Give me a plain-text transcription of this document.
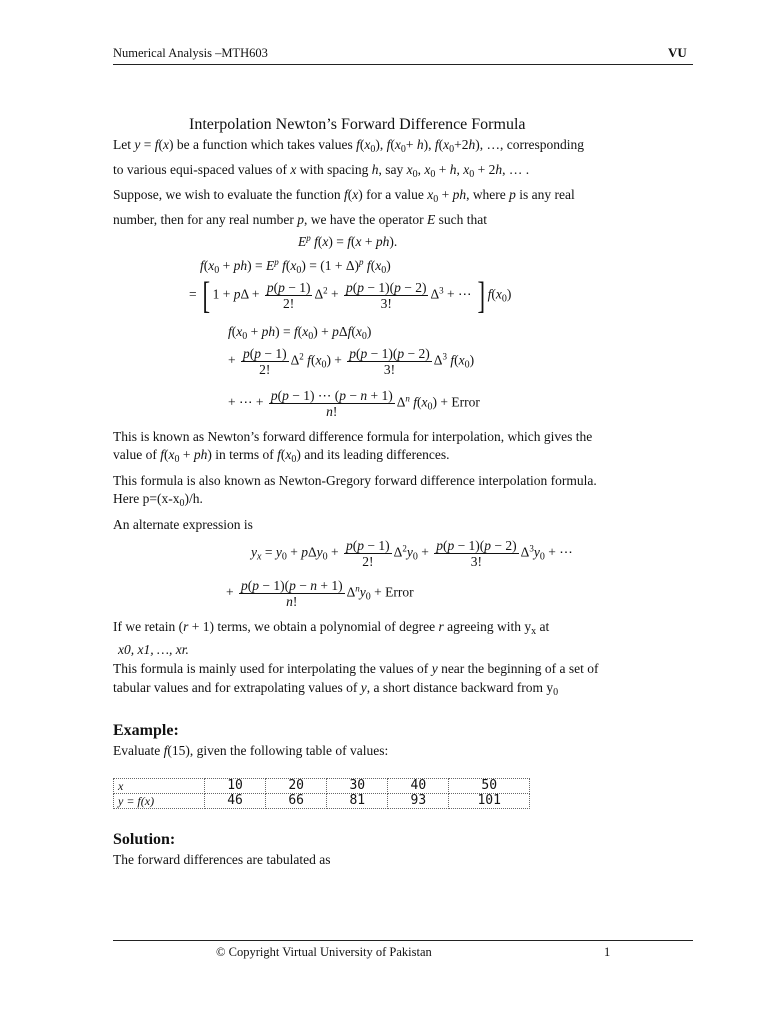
Numerical Analysis –MTH603	VU
Interpolation Newton’s Forward Difference Formula
Let y = f(x) be a function which takes values $f(x_0)$, $f(x_0+ h)$, $f(x_0+2h)$, …, corresponding
to various equi-spaced values of x with spacing h, say $x_0$, $x_0 + h$, $x_0 + 2h$, … .
Suppose, we wish to evaluate the function f(x) for a value $x_0$ + ph, where p is any real
number, then for any real number p, we have the operator E such that
$E^p$ f(x) = f(x + ph).
$f(x_0 + ph) = E^p$ $f(x_0) = (1 + \Delta)^p$ $f(x_0)$
= [ $1 + p\Delta + \frac{p(p - 1)}{2!} \Delta^2 + \frac{p(p - 1)(p - 2)}{3!} \Delta^3$ + ⋯ ] $f(x_0)$
$f(x_0 + ph) = f(x_0) + p\Delta f(x_0)$
+ $\frac{p(p - 1)}{2!} \Delta^2$ $f(x_0) + \frac{p(p - 1)(p - 2)}{3!} \Delta^3$ $f(x_0)$
+ ⋯ + $\frac{p(p - 1) \cdots (p - n + 1)}{n!} \Delta^n$ $f(x_0)$ + Error
This is known as Newton’s forward difference formula for interpolation, which gives the
value of $f(x_0 + ph)$ in terms of $f(x_0)$ and its leading differences.
This formula is also known as Newton-Gregory forward difference interpolation formula.
Here $p=(x-x_0)/h$.
An alternate expression is
$y_x = y_0 + p\Delta y_0 + \frac{p(p - 1)}{2!} \Delta^2y_0 + \frac{p(p - 1)(p - 2)}{3!} \Delta^3y_0$ + ⋯
+ $\frac{p(p - 1)(p - n + 1)}{n!} \Delta^ny_0$ + Error
If we retain (r + 1) terms, we obtain a polynomial of degree r agreeing with $y_x$ at
x0, x1, …, xr.
This formula is mainly used for interpolating the values of y near the beginning of a set of
tabular values and for extrapolating values of y, a short distance backward from $y_0$
Example:
Evaluate f(15), given the following table of values:
x	10	20	30	40	50
y = f(x)	46	66	81	93	101
Solution:
The forward differences are tabulated as
© Copyright Virtual University of Pakistan	1
